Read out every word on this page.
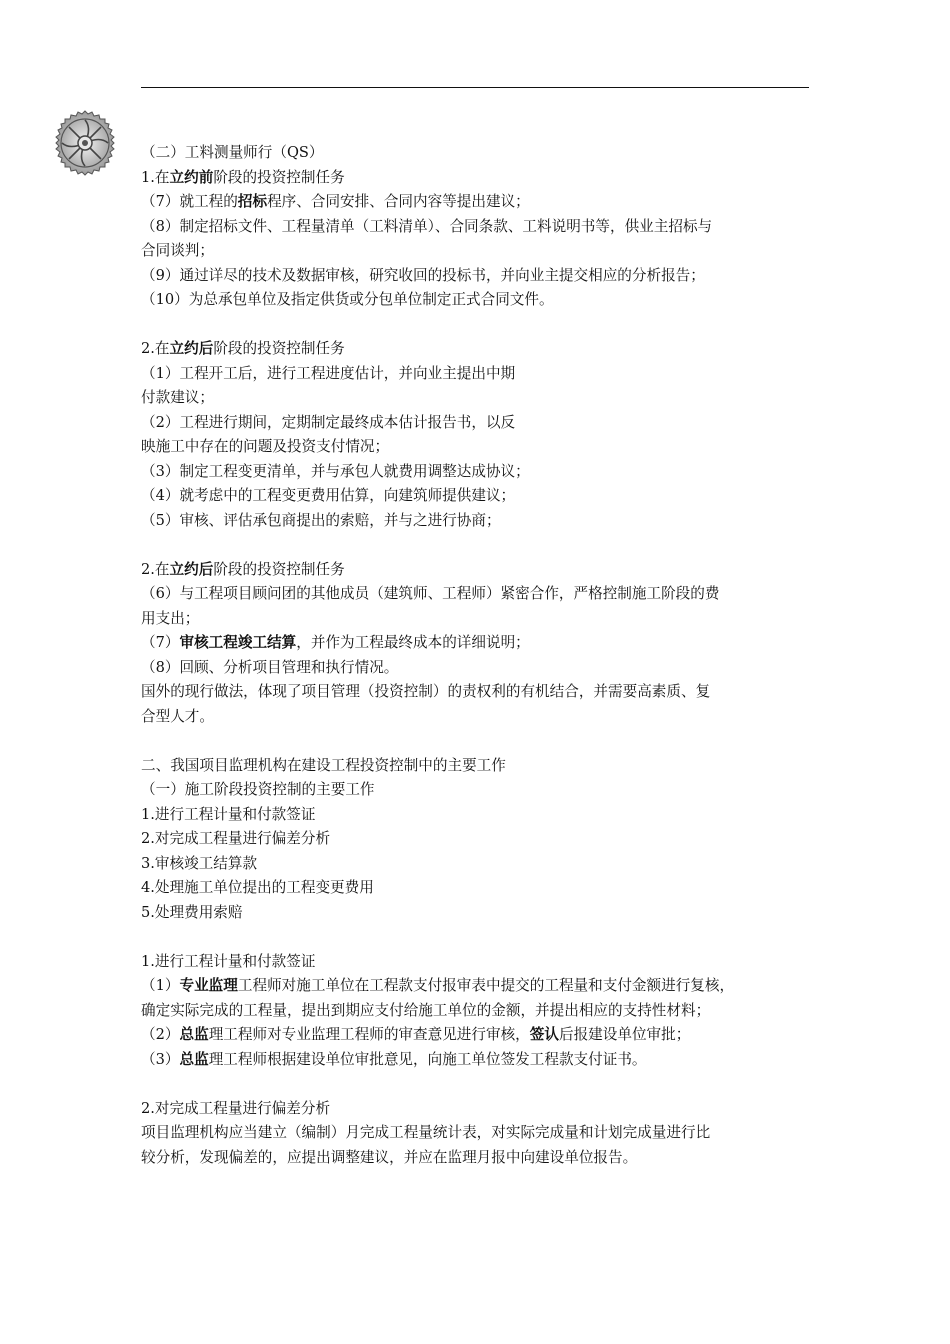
（二）工料测量师行（QS）
1.在立约前阶段的投资控制任务
（7）就工程的招标程序、合同安排、合同内容等提出建议；
（8）制定招标文件、工程量清单（工料清单）、合同条款、工料说明书等，供业主招标与
合同谈判；
（9）通过详尽的技术及数据审核，研究收回的投标书，并向业主提交相应的分析报告；
（10）为总承包单位及指定供货或分包单位制定正式合同文件。
2.在立约后阶段的投资控制任务
（1）工程开工后，进行工程进度估计，并向业主提出中期
付款建议；
（2）工程进行期间，定期制定最终成本估计报告书，以反
映施工中存在的问题及投资支付情况；
（3）制定工程变更清单，并与承包人就费用调整达成协议；
（4）就考虑中的工程变更费用估算，向建筑师提供建议；
（5）审核、评估承包商提出的索赔，并与之进行协商；
2.在立约后阶段的投资控制任务
（6）与工程项目顾问团的其他成员（建筑师、工程师）紧密合作，严格控制施工阶段的费
用支出；
（7）审核工程竣工结算，并作为工程最终成本的详细说明；
（8）回顾、分析项目管理和执行情况。
国外的现行做法，体现了项目管理（投资控制）的责权利的有机结合，并需要高素质、复
合型人才。
二、我国项目监理机构在建设工程投资控制中的主要工作
（一）施工阶段投资控制的主要工作
1.进行工程计量和付款签证
2.对完成工程量进行偏差分析
3.审核竣工结算款
4.处理施工单位提出的工程变更费用
5.处理费用索赔
1.进行工程计量和付款签证
（1）专业监理工程师对施工单位在工程款支付报审表中提交的工程量和支付金额进行复核，
确定实际完成的工程量，提出到期应支付给施工单位的金额，并提出相应的支持性材料；
（2）总监理工程师对专业监理工程师的审查意见进行审核，签认后报建设单位审批；
（3）总监理工程师根据建设单位审批意见，向施工单位签发工程款支付证书。
2.对完成工程量进行偏差分析
项目监理机构应当建立（编制）月完成工程量统计表，对实际完成量和计划完成量进行比
较分析，发现偏差的，应提出调整建议，并应在监理月报中向建设单位报告。
